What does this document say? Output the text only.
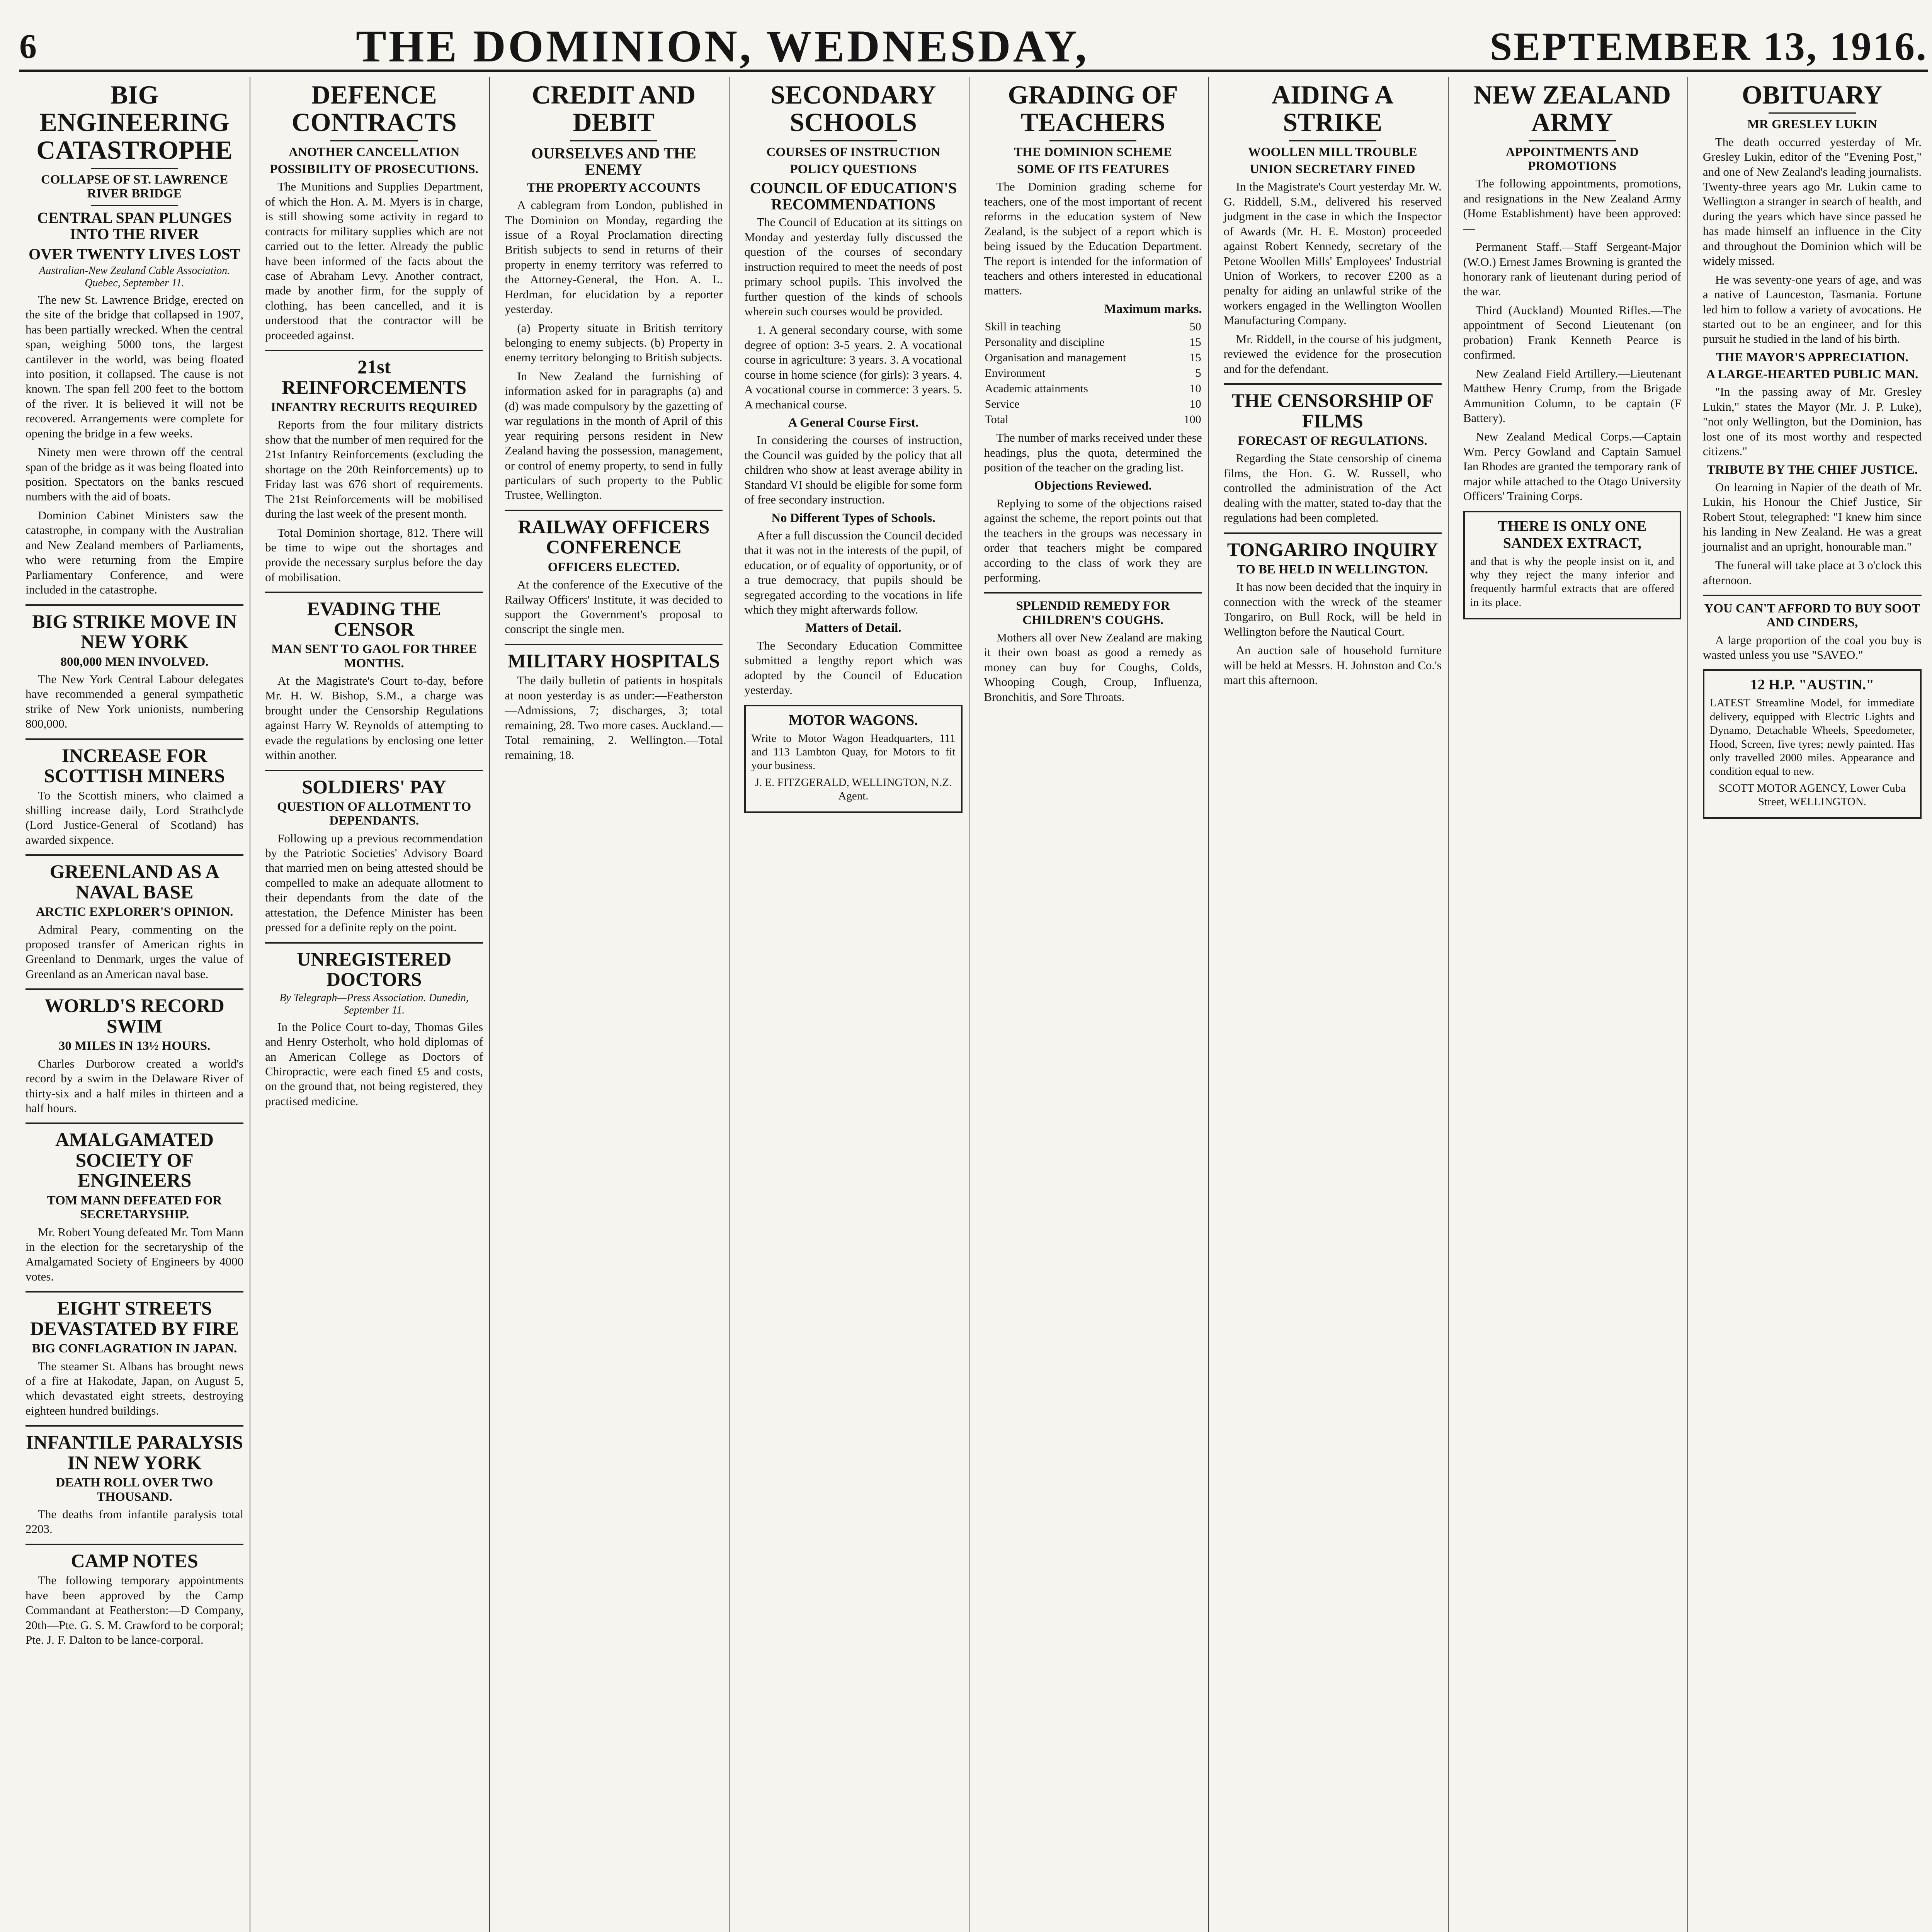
6	THE DOMINION, WEDNESDAY,	SEPTEMBER 13, 1916.
BIG ENGINEERING CATASTROPHE
COLLAPSE OF ST. LAWRENCE RIVER BRIDGE
CENTRAL SPAN PLUNGES INTO THE RIVER
OVER TWENTY LIVES LOST
Australian-New Zealand Cable Association. Quebec, September 11.

The new St. Lawrence Bridge, erected on the site of the bridge that collapsed in 1907, has been partially wrecked. When the central span, weighing 5000 tons, the largest cantilever in the world, was being floated into position, it collapsed. The cause is not known. The span fell 200 feet to the bottom of the river. It is believed it will not be recovered. Arrangements were complete for opening the bridge in a few weeks.

Ninety men were thrown off the central span of the bridge as it was being floated into position. Spectators on the banks rescued numbers with the aid of boats.

Dominion Cabinet Ministers saw the catastrophe, in company with the Australian and New Zealand members of Parliaments, who were returning from the Empire Parliamentary Conference, and were included in the catastrophe.

BIG STRIKE MOVE IN NEW YORK
800,000 MEN INVOLVED.

The New York Central Labour delegates have recommended a general sympathetic strike of New York unionists, numbering 800,000.

INCREASE FOR SCOTTISH MINERS

To the Scottish miners, who claimed a shilling increase daily, Lord Strathclyde (Lord Justice-General of Scotland) has awarded sixpence.

GREENLAND AS A NAVAL BASE
ARCTIC EXPLORER'S OPINION.

Admiral Peary, commenting on the proposed transfer of American rights in Greenland to Denmark, urges the value of Greenland as an American naval base.

WORLD'S RECORD SWIM
30 MILES IN 13½ HOURS.

Charles Durborow created a world's record by a swim in the Delaware River of thirty-six and a half miles in thirteen and a half hours.

AMALGAMATED SOCIETY OF ENGINEERS
TOM MANN DEFEATED FOR SECRETARYSHIP.

Mr. Robert Young defeated Mr. Tom Mann in the election for the secretaryship of the Amalgamated Society of Engineers by 4000 votes.

EIGHT STREETS DEVASTATED BY FIRE
BIG CONFLAGRATION IN JAPAN.

The steamer St. Albans has brought news of a fire at Hakodate, Japan, on August 5, which devastated eight streets, destroying eighteen hundred buildings.

INFANTILE PARALYSIS IN NEW YORK
DEATH ROLL OVER TWO THOUSAND.

The deaths from infantile paralysis total 2203.

CAMP NOTES

The following temporary appointments have been approved by the Camp Commandant at Featherston:—D Company, 20th—Pte. G. S. M. Crawford to be corporal; Pte. J. F. Dalton to be lance-corporal.

DEFENCE CONTRACTS
ANOTHER CANCELLATION
POSSIBILITY OF PROSECUTIONS.

The Munitions and Supplies Department, of which the Hon. A. M. Myers is in charge, is still showing some activity in regard to contracts for military supplies which are not carried out to the letter. Already the public have been informed of the facts about the case of Abraham Levy. Another contract, made by another firm, for the supply of clothing, has been cancelled, and it is understood that the contractor will be proceeded against.

21st REINFORCEMENTS
INFANTRY RECRUITS REQUIRED

Reports from the four military districts show that the number of men required for the 21st Infantry Reinforcements (excluding the shortage on the 20th Reinforcements) up to Friday last was 676 short of requirements. The 21st Reinforcements will be mobilised during the last week of the present month.

Total Dominion shortage, 812. There will be time to wipe out the shortages and provide the necessary surplus before the day of mobilisation.

EVADING THE CENSOR
MAN SENT TO GAOL FOR THREE MONTHS.

At the Magistrate's Court to-day, before Mr. H. W. Bishop, S.M., a charge was brought under the Censorship Regulations against Harry W. Reynolds of attempting to evade the regulations by enclosing one letter within another.

SOLDIERS' PAY
QUESTION OF ALLOTMENT TO DEPENDANTS.

Following up a previous recommendation by the Patriotic Societies' Advisory Board that married men on being attested should be compelled to make an adequate allotment to their dependants from the date of the attestation, the Defence Minister has been pressed for a definite reply on the point.

UNREGISTERED DOCTORS
By Telegraph—Press Association. Dunedin, September 11.

In the Police Court to-day, Thomas Giles and Henry Osterholt, who hold diplomas of an American College as Doctors of Chiropractic, were each fined £5 and costs, on the ground that, not being registered, they practised medicine.

CREDIT AND DEBIT
OURSELVES AND THE ENEMY
THE PROPERTY ACCOUNTS

A cablegram from London, published in The Dominion on Monday, regarding the issue of a Royal Proclamation directing British subjects to send in returns of their property in enemy territory was referred to the Attorney-General, the Hon. A. L. Herdman, for elucidation by a reporter yesterday.

(a) Property situate in British territory belonging to enemy subjects. (b) Property in enemy territory belonging to British subjects.

In New Zealand the furnishing of information asked for in paragraphs (a) and (d) was made compulsory by the gazetting of war regulations in the month of April of this year requiring persons resident in New Zealand having the possession, management, or control of enemy property, to send in fully particulars of such property to the Public Trustee, Wellington.

RAILWAY OFFICERS CONFERENCE
OFFICERS ELECTED.

At the conference of the Executive of the Railway Officers' Institute, it was decided to support the Government's proposal to conscript the single men.

MILITARY HOSPITALS

The daily bulletin of patients in hospitals at noon yesterday is as under:—Featherston—Admissions, 7; discharges, 3; total remaining, 28. Two more cases. Auckland.—Total remaining, 2. Wellington.—Total remaining, 18.

SECONDARY SCHOOLS
COURSES OF INSTRUCTION
POLICY QUESTIONS
COUNCIL OF EDUCATION'S RECOMMENDATIONS

The Council of Education at its sittings on Monday and yesterday fully discussed the question of the courses of secondary instruction required to meet the needs of post primary school pupils. This involved the further question of the kinds of schools wherein such courses would be provided.

1. A general secondary course, with some degree of option: 3-5 years. 2. A vocational course in agriculture: 3 years. 3. A vocational course in home science (for girls): 3 years. 4. A vocational course in commerce: 3 years. 5. A mechanical course.

A General Course First.

In considering the courses of instruction, the Council was guided by the policy that all children who show at least average ability in Standard VI should be eligible for some form of free secondary instruction.

No Different Types of Schools.

After a full discussion the Council decided that it was not in the interests of the pupil, of education, or of equality of opportunity, or of a true democracy, that pupils should be segregated according to the vocations in life which they might afterwards follow.

Matters of Detail.

The Secondary Education Committee submitted a lengthy report which was adopted by the Council of Education yesterday.

MOTOR WAGONS.

Write to Motor Wagon Headquarters, 111 and 113 Lambton Quay, for Motors to fit your business.

J. E. FITZGERALD, WELLINGTON, N.Z. Agent.

GRADING OF TEACHERS
THE DOMINION SCHEME
SOME OF ITS FEATURES

The Dominion grading scheme for teachers, one of the most important of recent reforms in the education system of New Zealand, is the subject of a report which is being issued by the Education Department. The report is intended for the information of teachers and others interested in educational matters.

Maximum marks.
Skill in teaching	50
Personality and discipline	15
Organisation and management	15
Environment	5
Academic attainments	10
Service	10
Total	100

The number of marks received under these headings, plus the quota, determined the position of the teacher on the grading list.

Objections Reviewed.

Replying to some of the objections raised against the scheme, the report points out that the teachers in the groups was necessary in order that teachers might be compared according to the class of work they are performing.

SPLENDID REMEDY FOR CHILDREN'S COUGHS.

Mothers all over New Zealand are making it their own boast as good a remedy as money can buy for Coughs, Colds, Whooping Cough, Croup, Influenza, Bronchitis, and Sore Throats.

AIDING A STRIKE
WOOLLEN MILL TROUBLE
UNION SECRETARY FINED

In the Magistrate's Court yesterday Mr. W. G. Riddell, S.M., delivered his reserved judgment in the case in which the Inspector of Awards (Mr. H. E. Moston) proceeded against Robert Kennedy, secretary of the Petone Woollen Mills' Employees' Industrial Union of Workers, to recover £200 as a penalty for aiding an unlawful strike of the workers engaged in the Wellington Woollen Manufacturing Company.

Mr. Riddell, in the course of his judgment, reviewed the evidence for the prosecution and for the defendant.

THE CENSORSHIP OF FILMS
FORECAST OF REGULATIONS.

Regarding the State censorship of cinema films, the Hon. G. W. Russell, who controlled the administration of the Act dealing with the matter, stated to-day that the regulations had been completed.

TONGARIRO INQUIRY
TO BE HELD IN WELLINGTON.

It has now been decided that the inquiry in connection with the wreck of the steamer Tongariro, on Bull Rock, will be held in Wellington before the Nautical Court.

An auction sale of household furniture will be held at Messrs. H. Johnston and Co.'s mart this afternoon.

NEW ZEALAND ARMY
APPOINTMENTS AND PROMOTIONS

The following appointments, promotions, and resignations in the New Zealand Army (Home Establishment) have been approved:—

Permanent Staff.—Staff Sergeant-Major (W.O.) Ernest James Browning is granted the honorary rank of lieutenant during period of the war.

Third (Auckland) Mounted Rifles.—The appointment of Second Lieutenant (on probation) Frank Kenneth Pearce is confirmed.

New Zealand Field Artillery.—Lieutenant Matthew Henry Crump, from the Brigade Ammunition Column, to be captain (F Battery).

New Zealand Medical Corps.—Captain Wm. Percy Gowland and Captain Samuel Ian Rhodes are granted the temporary rank of major while attached to the Otago University Officers' Training Corps.

THERE IS ONLY ONE SANDEX EXTRACT,

and that is why the people insist on it, and why they reject the many inferior and frequently harmful extracts that are offered in its place.

OBITUARY
MR GRESLEY LUKIN

The death occurred yesterday of Mr. Gresley Lukin, editor of the "Evening Post," and one of New Zealand's leading journalists. Twenty-three years ago Mr. Lukin came to Wellington a stranger in search of health, and during the years which have since passed he has made himself an influence in the City and throughout the Dominion which will be widely missed.

He was seventy-one years of age, and was a native of Launceston, Tasmania. Fortune led him to follow a variety of avocations. He started out to be an engineer, and for this pursuit he studied in the land of his birth.

THE MAYOR'S APPRECIATION.
A LARGE-HEARTED PUBLIC MAN.

"In the passing away of Mr. Gresley Lukin," states the Mayor (Mr. J. P. Luke), "not only Wellington, but the Dominion, has lost one of its most worthy and respected citizens."

TRIBUTE BY THE CHIEF JUSTICE.

On learning in Napier of the death of Mr. Lukin, his Honour the Chief Justice, Sir Robert Stout, telegraphed: "I knew him since his landing in New Zealand. He was a great journalist and an upright, honourable man."

The funeral will take place at 3 o'clock this afternoon.

YOU CAN'T AFFORD TO BUY SOOT AND CINDERS,

A large proportion of the coal you buy is wasted unless you use "SAVEO."

12 H.P. "AUSTIN."

LATEST Streamline Model, for immediate delivery, equipped with Electric Lights and Dynamo, Detachable Wheels, Speedometer, Hood, Screen, five tyres; newly painted. Has only travelled 2000 miles. Appearance and condition equal to new.

SCOTT MOTOR AGENCY, Lower Cuba Street, WELLINGTON.
